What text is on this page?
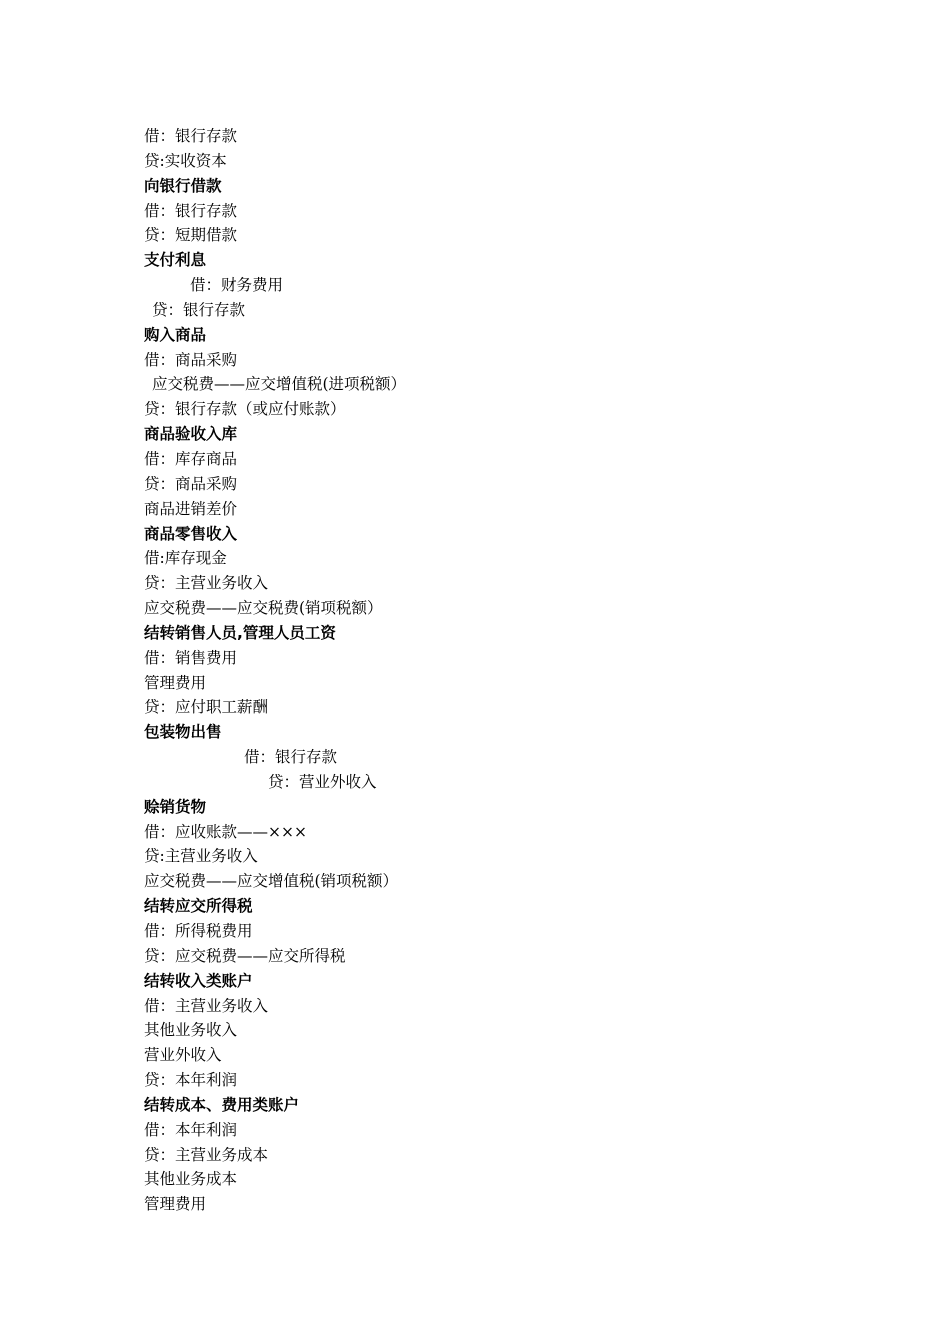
借：银行存款
贷:实收资本
向银行借款
借：银行存款
贷：短期借款
支付利息
借：财务费用
贷：银行存款
购入商品
借：商品采购
应交税费——应交增值税(进项税额）
贷：银行存款（或应付账款）
商品验收入库
借：库存商品
贷：商品采购
商品进销差价
商品零售收入
借:库存现金
贷：主营业务收入
应交税费——应交税费(销项税额）
结转销售人员,管理人员工资
借：销售费用
管理费用
贷：应付职工薪酬
包装物出售
借：银行存款
贷：营业外收入
赊销货物
借：应收账款——×××
贷:主营业务收入
应交税费——应交增值税(销项税额）
结转应交所得税
借：所得税费用
贷：应交税费——应交所得税
结转收入类账户
借：主营业务收入
其他业务收入
营业外收入
贷：本年利润
结转成本、费用类账户
借：本年利润
贷：主营业务成本
其他业务成本
管理费用
